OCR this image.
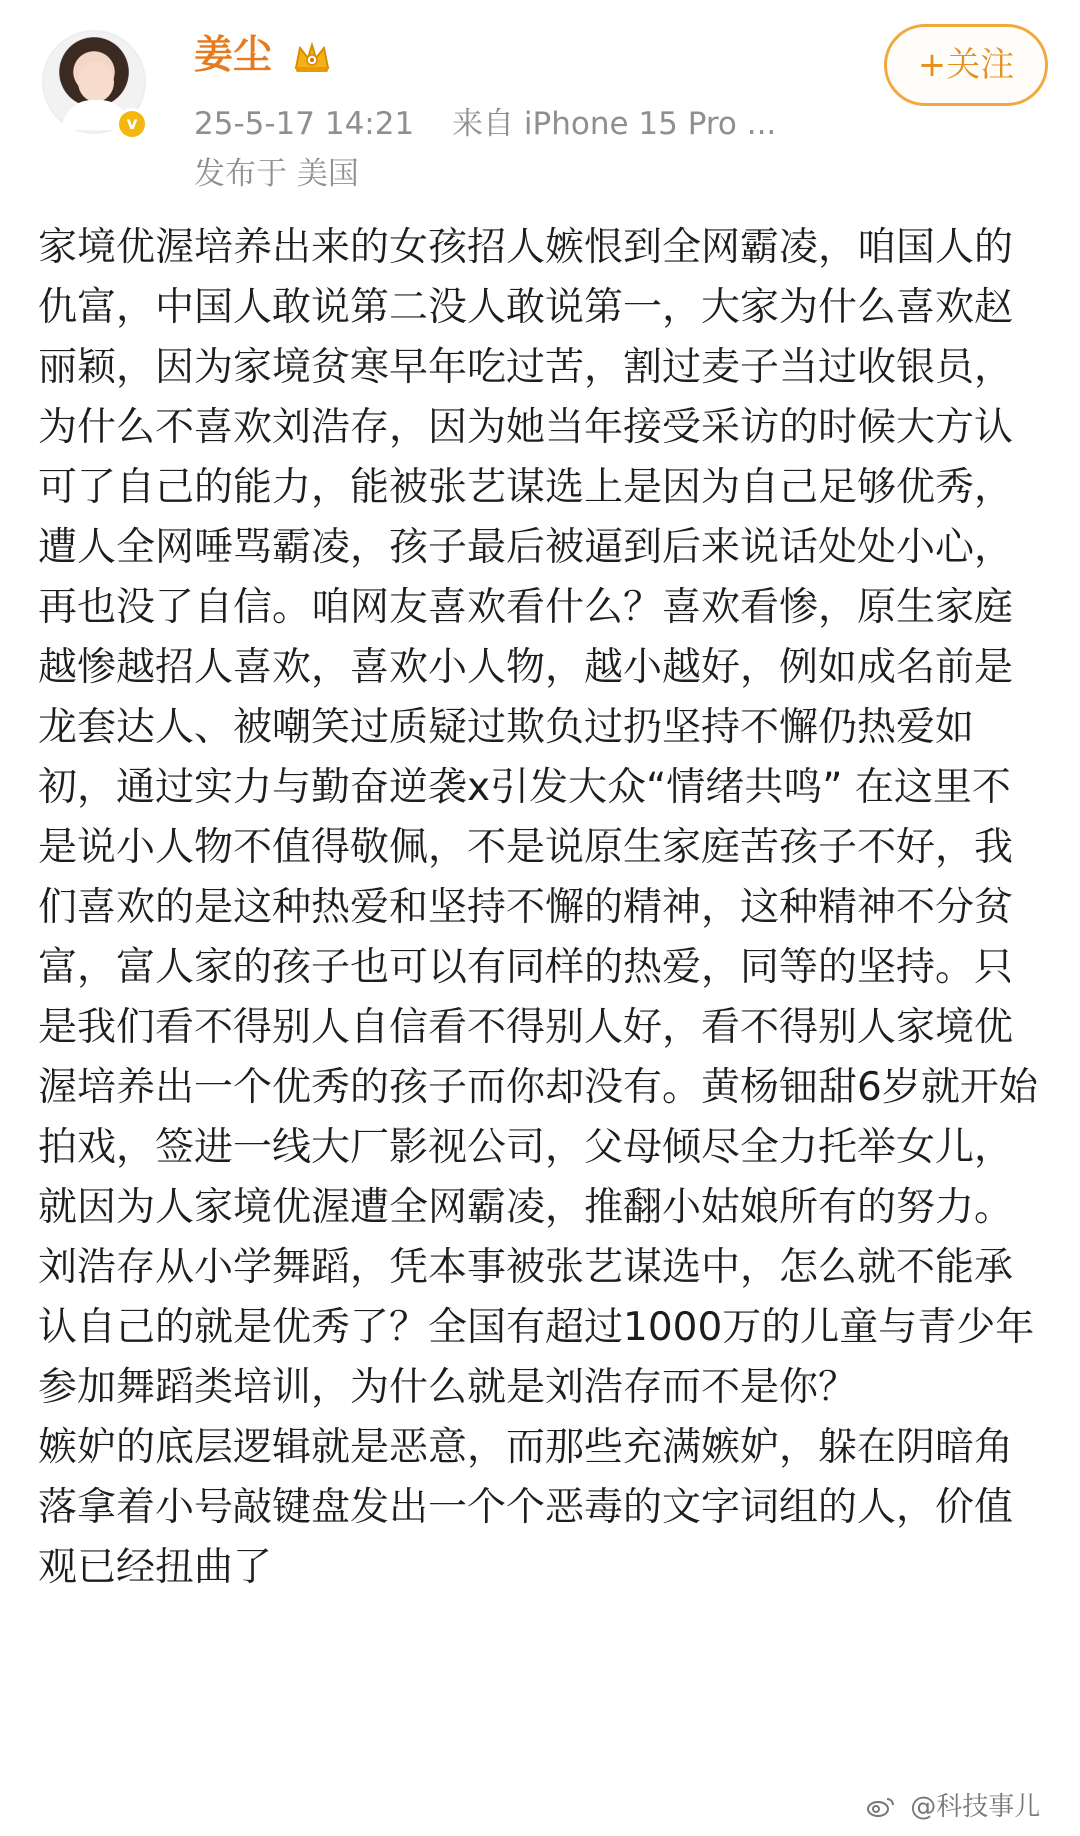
v
姜尘
25-5-17 14:21 来自 iPhone 15 Pro ...
发布于 美国
+关注

家境优渥培养出来的女孩招人嫉恨到全网霸凌，咱国人的仇富，中国人敢说第二没人敢说第一，大家为什么喜欢赵丽颖，因为家境贫寒早年吃过苦，割过麦子当过收银员，为什么不喜欢刘浩存，因为她当年接受采访的时候大方认可了自己的能力，能被张艺谋选上是因为自己足够优秀，遭人全网唾骂霸凌，孩子最后被逼到后来说话处处小心，再也没了自信。咱网友喜欢看什么？喜欢看惨，原生家庭越惨越招人喜欢，喜欢小人物，越小越好，例如成名前是龙套达人、被嘲笑过质疑过欺负过扔坚持不懈仍热爱如初，通过实力与勤奋逆袭x引发大众“情绪共鸣” 在这里不是说小人物不值得敬佩，不是说原生家庭苦孩子不好，我们喜欢的是这种热爱和坚持不懈的精神，这种精神不分贫富，富人家的孩子也可以有同样的热爱，同等的坚持。只是我们看不得别人自信看不得别人好，看不得别人家境优渥培养出一个优秀的孩子而你却没有。黄杨钿甜6岁就开始拍戏，签进一线大厂影视公司，父母倾尽全力托举女儿，就因为人家境优渥遭全网霸凌，推翻小姑娘所有的努力。刘浩存从小学舞蹈，凭本事被张艺谋选中，怎么就不能承认自己的就是优秀了？全国有超过1000万的儿童与青少年参加舞蹈类培训，为什么就是刘浩存而不是你？

嫉妒的底层逻辑就是恶意，而那些充满嫉妒，躲在阴暗角落拿着小号敲键盘发出一个个恶毒的文字词组的人，价值观已经扭曲了

@科技事儿
